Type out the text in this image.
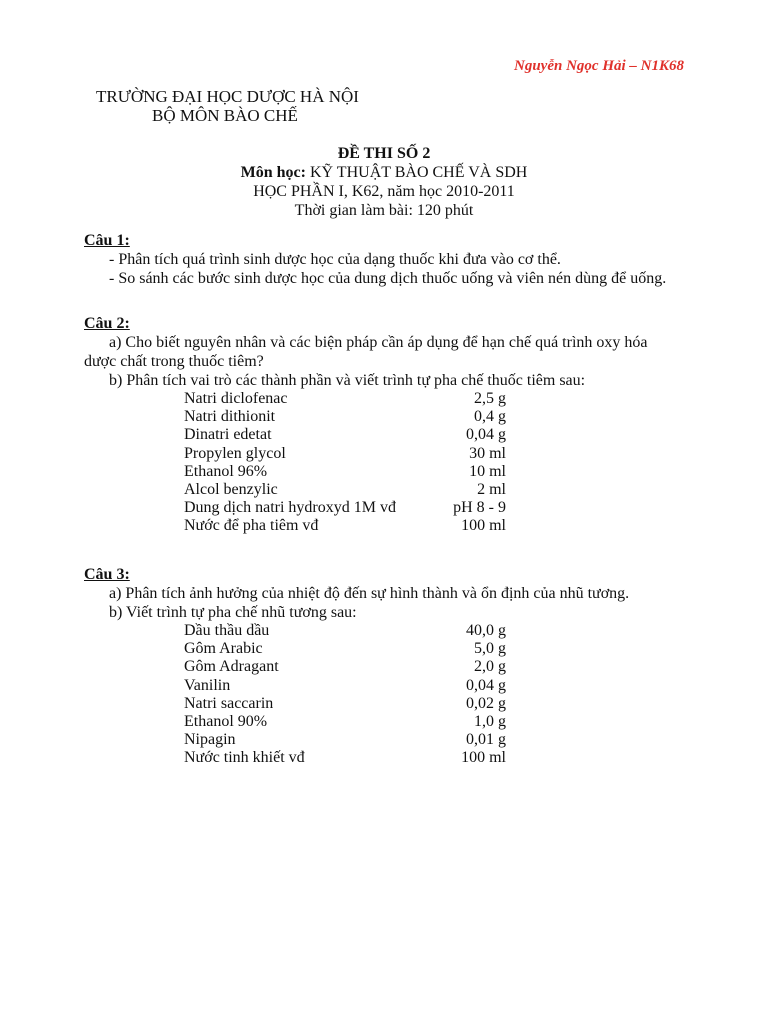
Nguyễn Ngọc Hải – N1K68
TRƯỜNG ĐẠI HỌC DƯỢC HÀ NỘI
BỘ MÔN BÀO CHẾ
ĐỀ THI SỐ 2
Môn học: KỸ THUẬT BÀO CHẾ VÀ SDH
HỌC PHẦN I, K62, năm học 2010-2011
Thời gian làm bài: 120 phút
Câu 1:
- Phân tích quá trình sinh dược học của dạng thuốc khi đưa vào cơ thể.
- So sánh các bước sinh dược học của dung dịch thuốc uống và viên nén dùng để uống.
Câu 2:
a) Cho biết nguyên nhân và các biện pháp cần áp dụng để hạn chế quá trình oxy hóa
dược chất trong thuốc tiêm?
b) Phân tích vai trò các thành phần và viết trình tự pha chế thuốc tiêm sau:
Natri diclofenac	2,5 g
Natri dithionit	0,4 g
Dinatri edetat	0,04 g
Propylen glycol	30 ml
Ethanol 96%	10 ml
Alcol benzylic	2 ml
Dung dịch natri hydroxyd 1M vđ	pH 8 - 9
Nước để pha tiêm vđ	100 ml
Câu 3:
a) Phân tích ảnh hưởng của nhiệt độ đến sự hình thành và ổn định của nhũ tương.
b) Viết trình tự pha chế nhũ tương sau:
Dầu thầu dầu	40,0 g
Gôm Arabic	5,0 g
Gôm Adragant	2,0 g
Vanilin	0,04 g
Natri saccarin	0,02 g
Ethanol 90%	1,0 g
Nipagin	0,01 g
Nước tinh khiết vđ	100 ml
